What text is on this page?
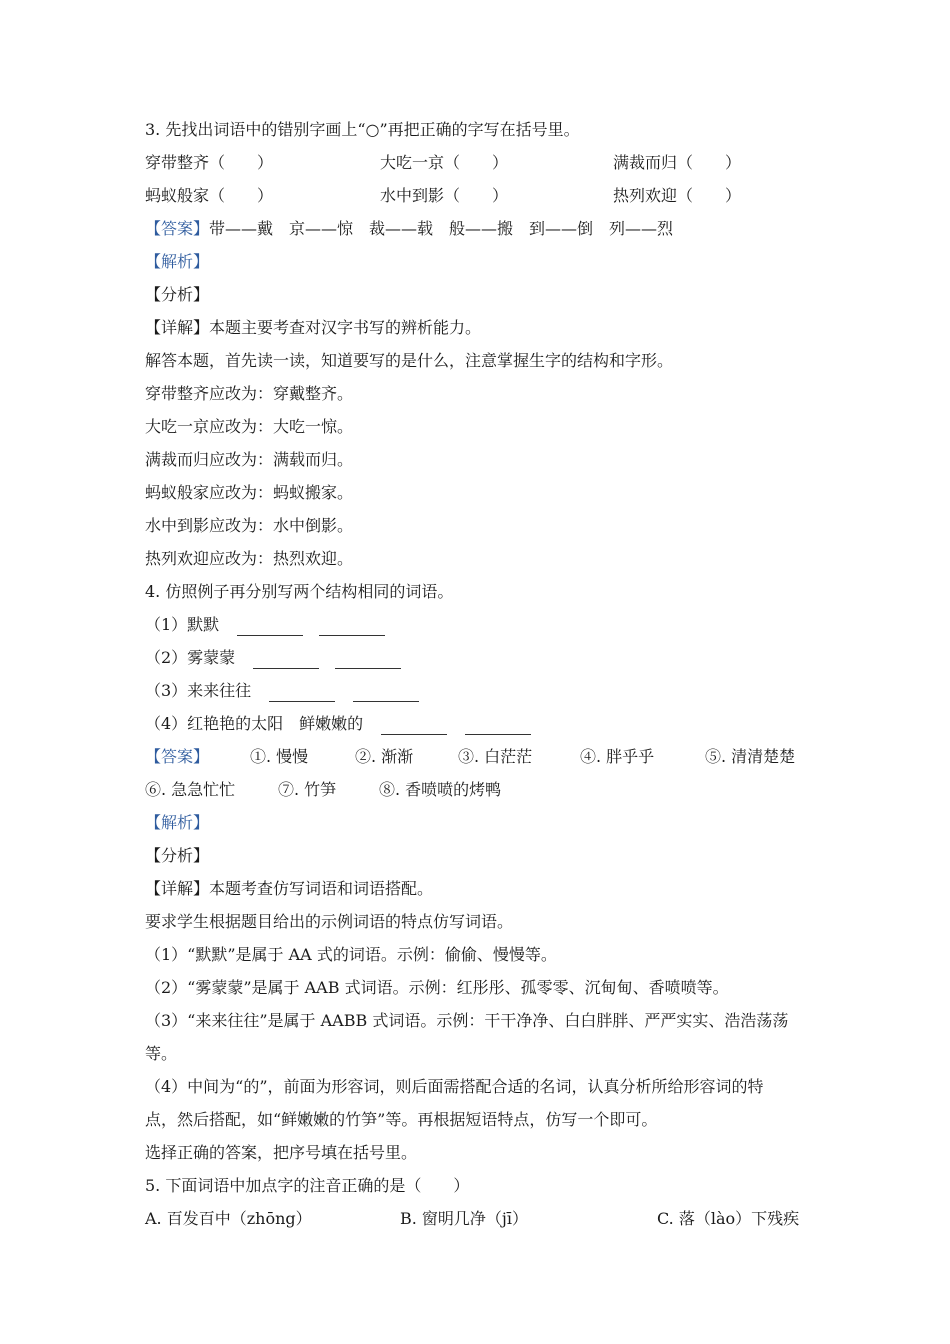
3. 先找出词语中的错别字画上“○”再把正确的字写在括号里。
穿带整齐（　　）	大吃一京（　　）	满裁而归（　　）
蚂蚁般家（　　）	水中到影（　　）	热列欢迎（　　）
【答案】带——戴　京——惊　裁——载　般——搬　到——倒　列——烈
【解析】
【分析】
【详解】本题主要考查对汉字书写的辨析能力。
解答本题，首先读一读，知道要写的是什么，注意掌握生字的结构和字形。
穿带整齐应改为：穿戴整齐。
大吃一京应改为：大吃一惊。
满裁而归应改为：满载而归。
蚂蚁般家应改为：蚂蚁搬家。
水中到影应改为：水中倒影。
热列欢迎应改为：热烈欢迎。
4. 仿照例子再分别写两个结构相同的词语。
（1）默默
（2）雾蒙蒙
（3）来来往往
（4）红艳艳的太阳　鲜嫩嫩的
【答案】	①. 慢慢	②. 渐渐	③. 白茫茫	④. 胖乎乎	⑤. 清清楚楚
⑥. 急急忙忙	⑦. 竹笋	⑧. 香喷喷的烤鸭
【解析】
【分析】
【详解】本题考查仿写词语和词语搭配。
要求学生根据题目给出的示例词语的特点仿写词语。
（1）“默默”是属于 AA 式的词语。示例：偷偷、慢慢等。
（2）“雾蒙蒙”是属于 AAB 式词语。示例：红彤彤、孤零零、沉甸甸、香喷喷等。
（3）“来来往往”是属于 AABB 式词语。示例：干干净净、白白胖胖、严严实实、浩浩荡荡
等。
（4）中间为“的”，前面为形容词，则后面需搭配合适的名词，认真分析所给形容词的特
点，然后搭配，如“鲜嫩嫩的竹笋”等。再根据短语特点，仿写一个即可。
选择正确的答案，把序号填在括号里。
5. 下面词语中加点字的注音正确的是（　　）
A. 百发百中（zhōng）	B. 窗明几净（jī）	C. 落（lào）下残疾
